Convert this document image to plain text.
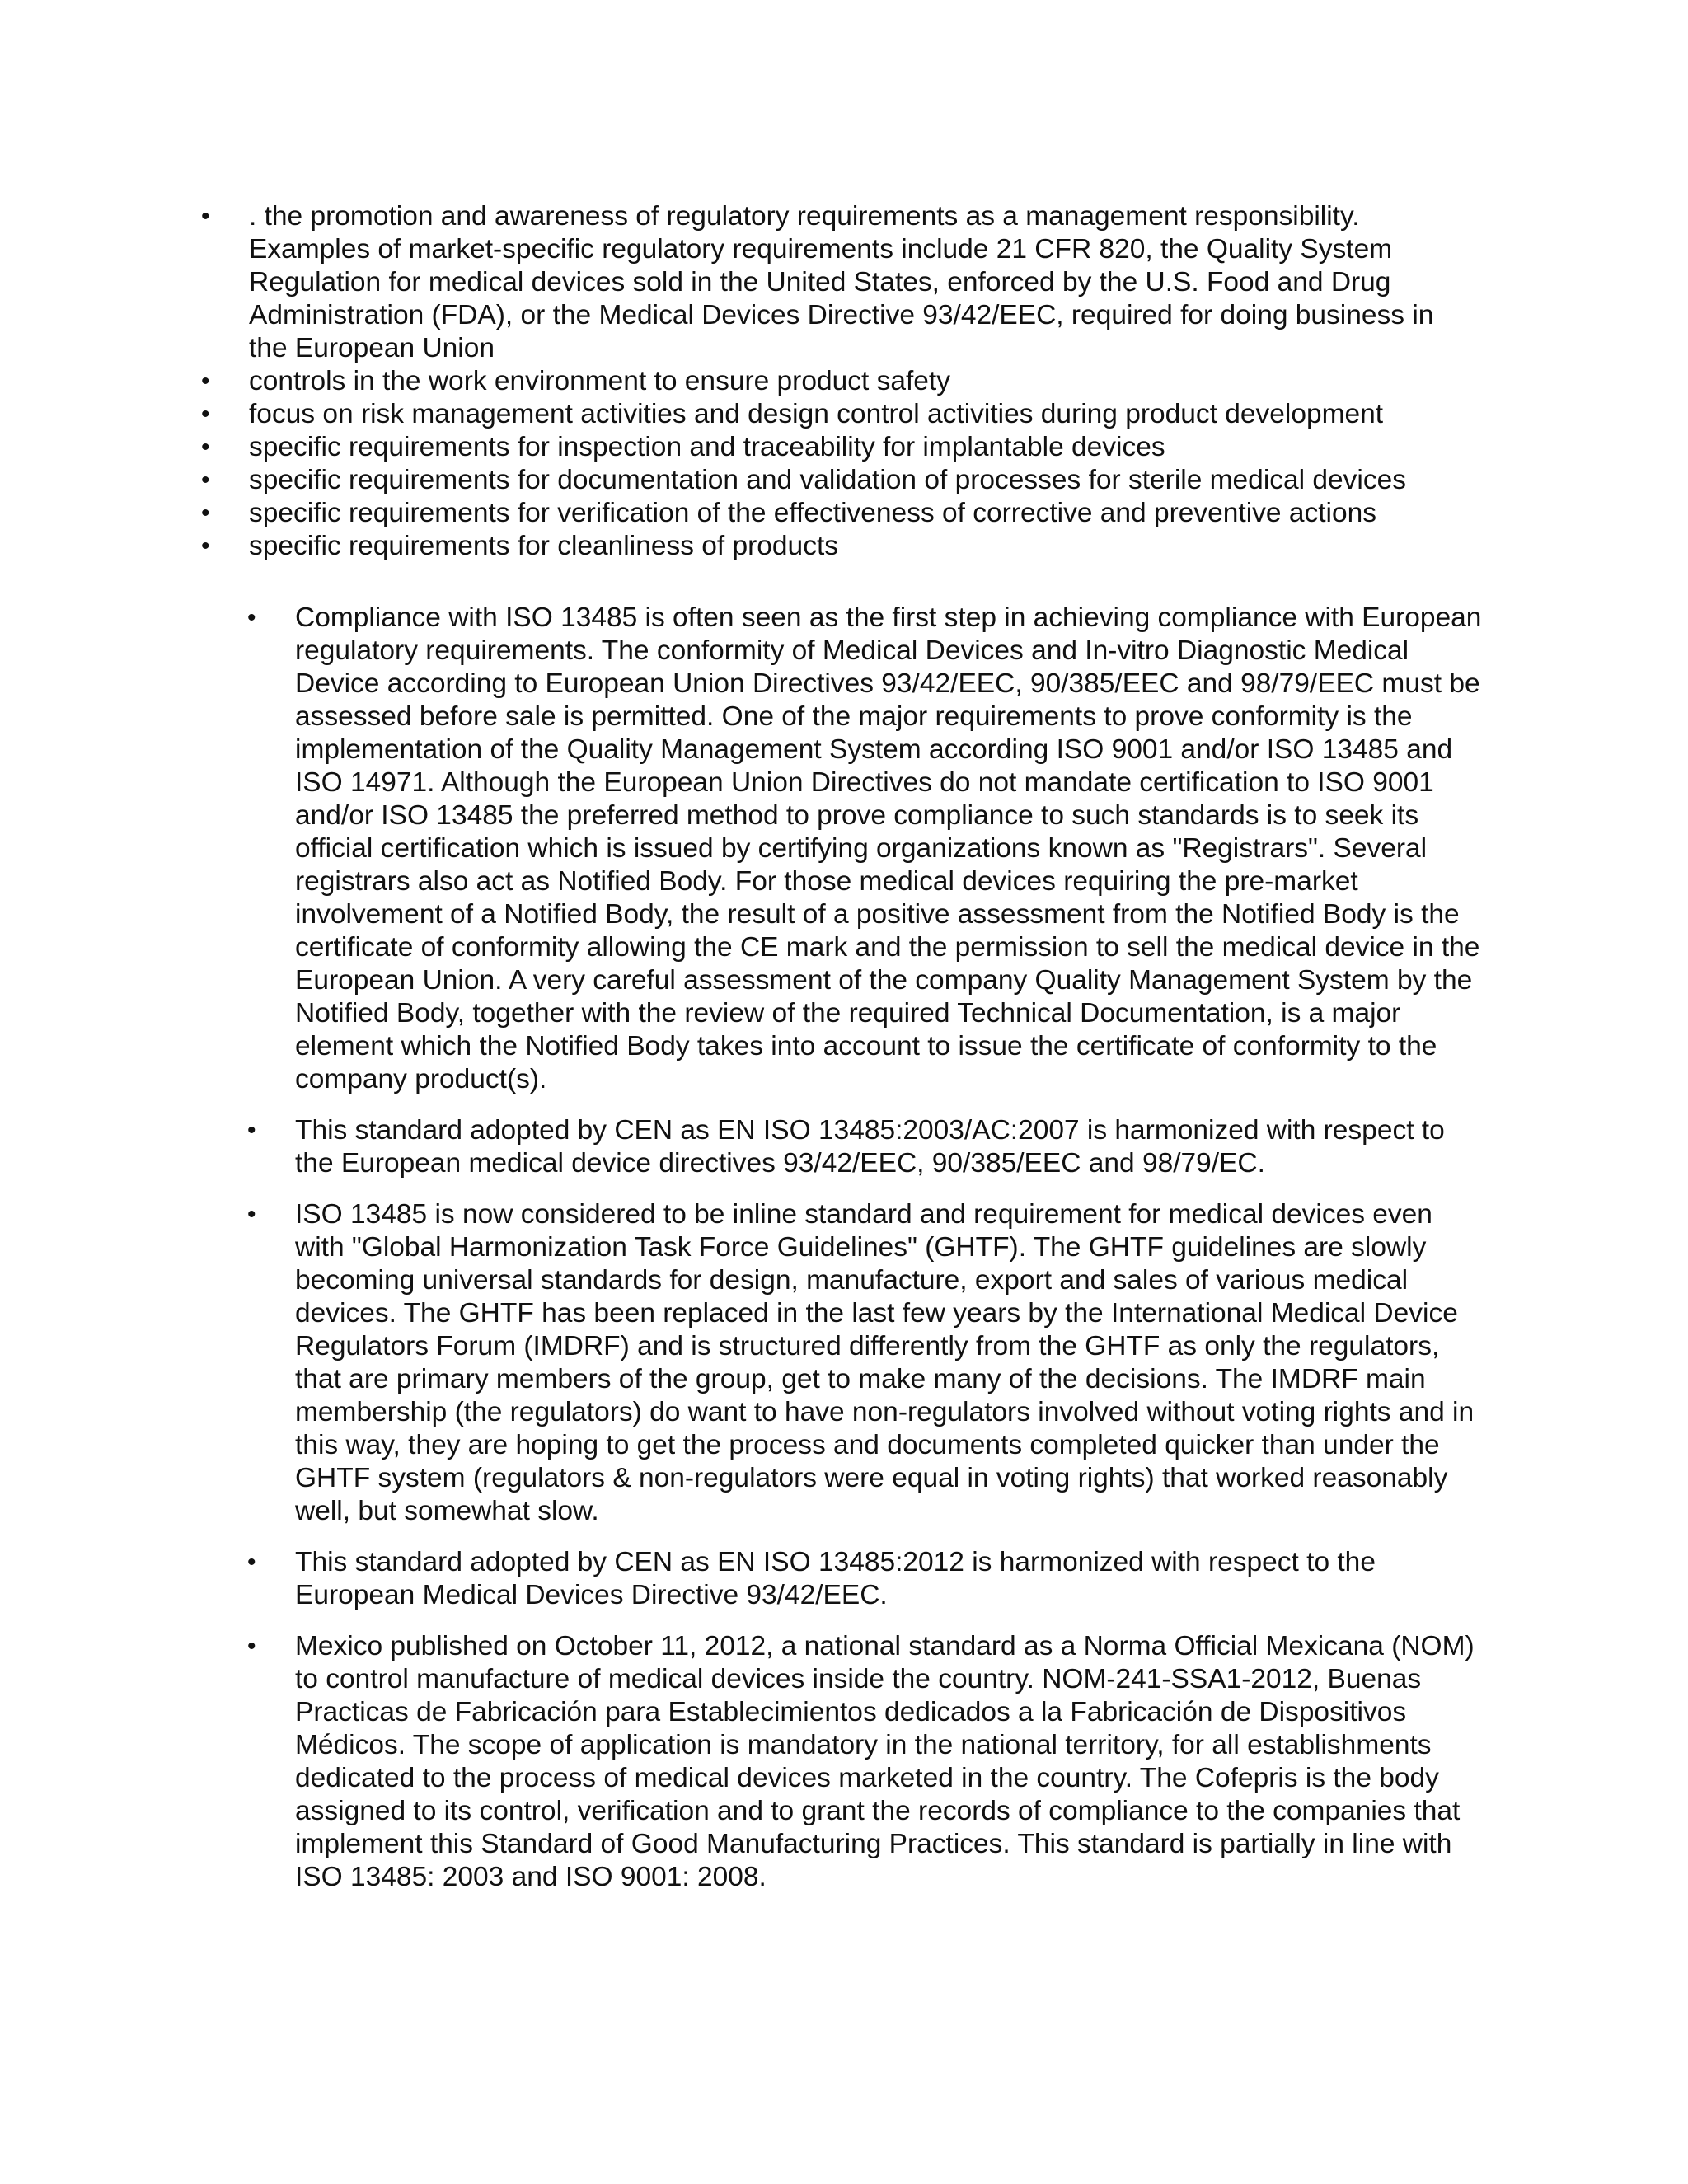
• . the promotion and awareness of regulatory requirements as a management responsibility. Examples of market-specific regulatory requirements include 21 CFR 820, the Quality System Regulation for medical devices sold in the United States, enforced by the U.S. Food and Drug Administration (FDA), or the Medical Devices Directive 93/42/EEC, required for doing business in the European Union
• controls in the work environment to ensure product safety
• focus on risk management activities and design control activities during product development
• specific requirements for inspection and traceability for implantable devices
• specific requirements for documentation and validation of processes for sterile medical devices
• specific requirements for verification of the effectiveness of corrective and preventive actions
• specific requirements for cleanliness of products
• Compliance with ISO 13485 is often seen as the first step in achieving compliance with European regulatory requirements. The conformity of Medical Devices and In-vitro Diagnostic Medical Device according to European Union Directives 93/42/EEC, 90/385/EEC and 98/79/EEC must be assessed before sale is permitted. One of the major requirements to prove conformity is the implementation of the Quality Management System according ISO 9001 and/or ISO 13485 and ISO 14971. Although the European Union Directives do not mandate certification to ISO 9001 and/or ISO 13485 the preferred method to prove compliance to such standards is to seek its official certification which is issued by certifying organizations known as "Registrars". Several registrars also act as Notified Body. For those medical devices requiring the pre-market involvement of a Notified Body, the result of a positive assessment from the Notified Body is the certificate of conformity allowing the CE mark and the permission to sell the medical device in the European Union. A very careful assessment of the company Quality Management System by the Notified Body, together with the review of the required Technical Documentation, is a major element which the Notified Body takes into account to issue the certificate of conformity to the company product(s).
• This standard adopted by CEN as EN ISO 13485:2003/AC:2007 is harmonized with respect to the European medical device directives 93/42/EEC, 90/385/EEC and 98/79/EC.
• ISO 13485 is now considered to be inline standard and requirement for medical devices even with "Global Harmonization Task Force Guidelines" (GHTF). The GHTF guidelines are slowly becoming universal standards for design, manufacture, export and sales of various medical devices. The GHTF has been replaced in the last few years by the International Medical Device Regulators Forum (IMDRF) and is structured differently from the GHTF as only the regulators, that are primary members of the group, get to make many of the decisions. The IMDRF main membership (the regulators) do want to have non-regulators involved without voting rights and in this way, they are hoping to get the process and documents completed quicker than under the GHTF system (regulators & non-regulators were equal in voting rights) that worked reasonably well, but somewhat slow.
• This standard adopted by CEN as EN ISO 13485:2012 is harmonized with respect to the European Medical Devices Directive 93/42/EEC.
• Mexico published on October 11, 2012, a national standard as a Norma Official Mexicana (NOM) to control manufacture of medical devices inside the country. NOM-241-SSA1-2012, Buenas Practicas de Fabricación para Establecimientos dedicados a la Fabricación de Dispositivos Médicos. The scope of application is mandatory in the national territory, for all establishments dedicated to the process of medical devices marketed in the country. The Cofepris is the body assigned to its control, verification and to grant the records of compliance to the companies that implement this Standard of Good Manufacturing Practices. This standard is partially in line with ISO 13485: 2003 and ISO 9001: 2008.
